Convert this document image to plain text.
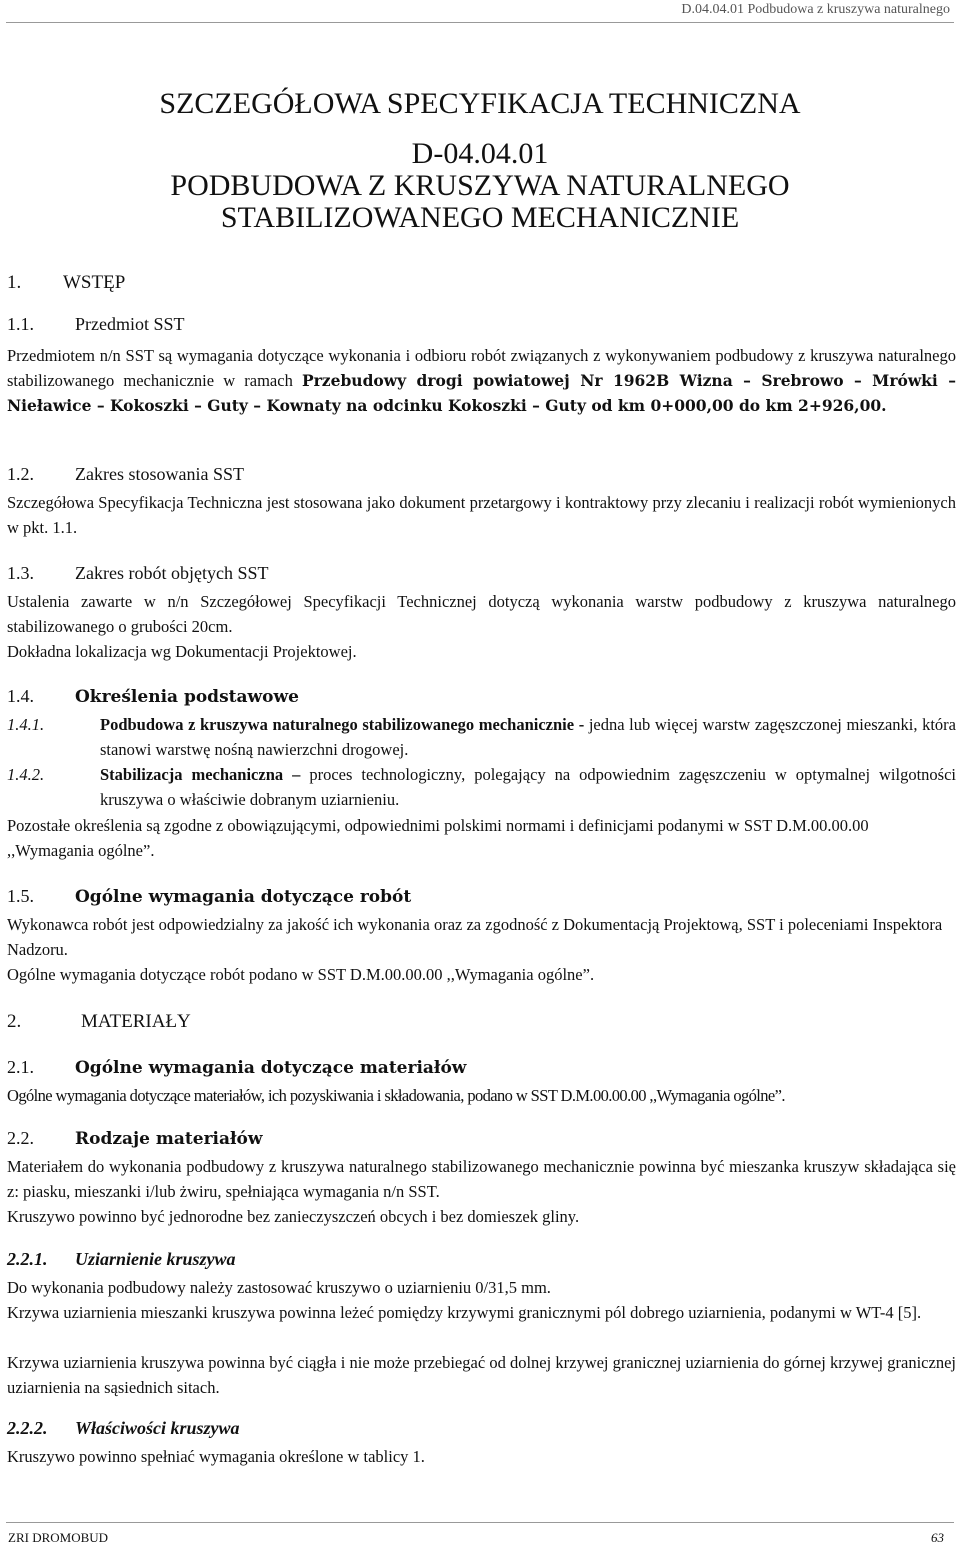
D.04.04.01 Podbudowa z kruszywa naturalnego
SZCZEGÓŁOWA SPECYFIKACJA TECHNICZNA
D-04.04.01
PODBUDOWA Z KRUSZYWA NATURALNEGO
STABILIZOWANEGO MECHANICZNIE
1. WSTĘP
1.1. Przedmiot SST
Przedmiotem n/n SST są wymagania dotyczące wykonania i odbioru robót związanych z wykonywaniem podbudowy z kruszywa naturalnego stabilizowanego mechanicznie w ramach Przebudowy drogi powiatowej Nr 1962B Wizna – Srebrowo – Mrówki – Nieławice – Kokoszki – Guty – Kownaty na odcinku Kokoszki – Guty od km 0+000,00 do km 2+926,00.
1.2. Zakres stosowania SST
Szczegółowa Specyfikacja Techniczna jest stosowana jako dokument przetargowy i kontraktowy przy zlecaniu i realizacji robót wymienionych w pkt. 1.1.
1.3. Zakres robót objętych SST
Ustalenia zawarte w n/n Szczegółowej Specyfikacji Technicznej dotyczą wykonania warstw podbudowy z kruszywa naturalnego stabilizowanego o grubości 20cm.
Dokładna lokalizacja wg Dokumentacji Projektowej.
1.4. Określenia podstawowe
1.4.1.	Podbudowa z kruszywa naturalnego stabilizowanego mechanicznie - jedna lub więcej warstw zagęszczonej mieszanki, która stanowi warstwę nośną nawierzchni drogowej.
1.4.2.	Stabilizacja mechaniczna – proces technologiczny, polegający na odpowiednim zagęszczeniu w optymalnej wilgotności kruszywa o właściwie dobranym uziarnieniu.
Pozostałe określenia są zgodne z obowiązującymi, odpowiednimi polskimi normami i definicjami podanymi w SST D.M.00.00.00 ,,Wymagania ogólne”.
1.5. Ogólne wymagania dotyczące robót
Wykonawca robót jest odpowiedzialny za jakość ich wykonania oraz za zgodność z Dokumentacją Projektową, SST i poleceniami Inspektora Nadzoru.
Ogólne wymagania dotyczące robót podano w SST D.M.00.00.00 ,,Wymagania ogólne”.
2.	MATERIAŁY
2.1. Ogólne wymagania dotyczące materiałów
Ogólne wymagania dotyczące materiałów, ich pozyskiwania i składowania, podano w SST D.M.00.00.00 ,,Wymagania ogólne”.
2.2. Rodzaje materiałów
Materiałem do wykonania podbudowy z kruszywa naturalnego stabilizowanego mechanicznie powinna być mieszanka kruszyw składająca się z: piasku, mieszanki i/lub żwiru, spełniająca wymagania n/n SST.
Kruszywo powinno być jednorodne bez zanieczyszczeń obcych i bez domieszek gliny.
2.2.1. Uziarnienie kruszywa
Do wykonania podbudowy należy zastosować kruszywo o uziarnieniu 0/31,5 mm.
Krzywa uziarnienia mieszanki kruszywa powinna leżeć pomiędzy krzywymi granicznymi pól dobrego uziarnienia, podanymi w WT-4 [5].
Krzywa uziarnienia kruszywa powinna być ciągła i nie może przebiegać od dolnej krzywej granicznej uziarnienia do górnej krzywej granicznej uziarnienia na sąsiednich sitach.
2.2.2. Właściwości kruszywa
Kruszywo powinno spełniać wymagania określone w tablicy 1.
ZRI DROMOBUD	63
